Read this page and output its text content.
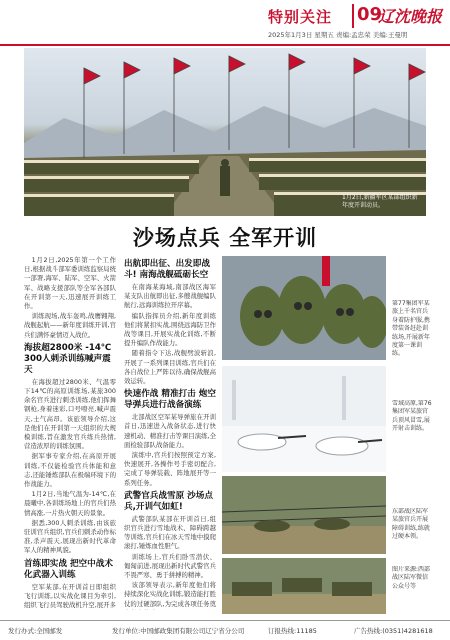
特别关注 09
辽沈晚报
2025年1月3日 星期五 责编:孟忠荣 美编:王曼明
1月2日,新疆军区某部组织新年度开训动员。
沙场点兵 全军开训

1月2日,2025年第一个工作日,根据战斗部军委训练监察局统一部署,海军、陆军、空军、火箭军、战略支援部队等全军各部队在开训第一天,迅速展开训练工作。

训练现场,战车轰鸣,战鹰翱翔,战舰起航——新年度训练开训,官兵们满怀豪情迈入战位。

海拔超2800米 -14℃ 300人刺杀训练喊声震天

在海拔超过2800米、气温零下14℃的高原训练场,某旅300余名官兵进行刺杀训练,他们挥舞钢枪,身着迷彩,口号嘹亮,喊声震天,士气高昂。该旅领导介绍,这是他们在开训第一天组织的大规模训练,旨在激发官兵练兵热情,营造浓厚的训练氛围。

据军事专家介绍,在高原开展训练,不仅能检验官兵体能和意志,还能锤炼部队在极端环境下的作战能力。

1月2日,当地气温为-14℃,在晨曦中,各训练场地上的官兵们热情高涨,一片热火朝天的景象。

据悉,300人刺杀训练,由该旅驻训官兵组织,官兵们刺杀动作标准,杀声震天,展现出新时代革命军人的精神风貌。

首练即实战 把空中战术化武器入训练

空军某部,在开训首日即组织飞行训练,以实战化课目为牵引,组织飞行员驾驶战机升空,展开多

出航即出征、出发即战斗! 南海战舰砥砺长空

在南海某海域,南部战区海军某支队出航即出征,多艘战舰编队航行,远海训练拉开序幕。

编队指挥员介绍,新年度训练他们将紧扣实战,围绕远海防卫作战等课目,开展实战化训练,不断提升编队作战能力。

随着指令下达,战舰劈波斩浪,开展了一系列课目训练,官兵们在各自战位上严阵以待,确保战舰高效运转。

快速作战 精准打击 炮空导弹兵进行战备演练

北部战区空军某导弹旅在开训首日,迅速进入战备状态,进行快速机动、精准打击等课目演练,全面检验部队战备能力。

演练中,官兵们按照预定方案,快速展开,各操作号手密切配合,完成了导弹装载、阵地展开等一系列任务。

武警官兵战雪原 沙场点兵,开训气如虹!

武警部队某部在开训首日,组织官兵进行雪地战术、障碍跨越等训练,官兵们在冰天雪地中摸爬滚打,锤炼血性胆气。

训练场上,官兵们卧雪潜伏、匍匐前进,展现出新时代武警官兵不畏严寒、勇于拼搏的精神。

该部领导表示,新年度他们将持续深化实战化训练,锻造能打胜仗的过硬部队,为完成各项任务奠

第77集团军某旅上千名官兵身着防护服,携带装备赶赴训练场,开展新年度第一课训练。
雪域高原,第76集团军某旅官兵顶风冒雪,展开射击训练。
东部战区陆军某旅官兵开展障碍训练,练就过硬本领。
图片来源:西部战区陆军微信公众号等
发行办式:全国邮发	发行单位:中国邮政集团有限公司辽宁省分公司	订报热线:11185	广告热线:(0351)4281618
